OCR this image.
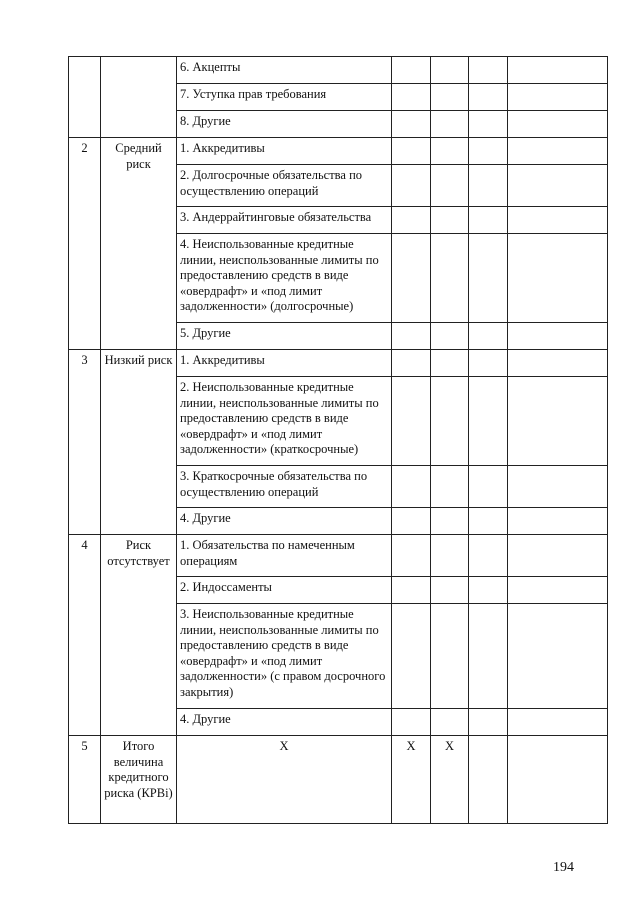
		6. Акцепты				
		7. Уступка прав требования				
		8. Другие				
2	Средний риск	1. Аккредитивы				
		2. Долгосрочные обязательства по осуществлению операций				
		3. Андеррайтинговые обязательства				
		4. Неиспользованные кредитные линии, неиспользованные лимиты по предоставлению средств в виде «овердрафт» и «под лимит задолженности» (долгосрочные)				
		5. Другие				
3	Низкий риск	1. Аккредитивы				
		2. Неиспользованные кредитные линии, неиспользованные лимиты по предоставлению средств в виде «овердрафт» и «под лимит задолженности» (краткосрочные)				
		3. Краткосрочные обязательства по осуществлению операций				
		4. Другие				
4	Риск отсутствует	1. Обязательства по намеченным операциям				
		2. Индоссаменты				
		3. Неиспользованные кредитные линии, неиспользованные лимиты по предоставлению средств в виде «овердрафт» и «под лимит задолженности» (с правом досрочного закрытия)				
		4. Другие				
5	Итого величина кредитного риска (КРВi)	Х	Х	Х		
194
